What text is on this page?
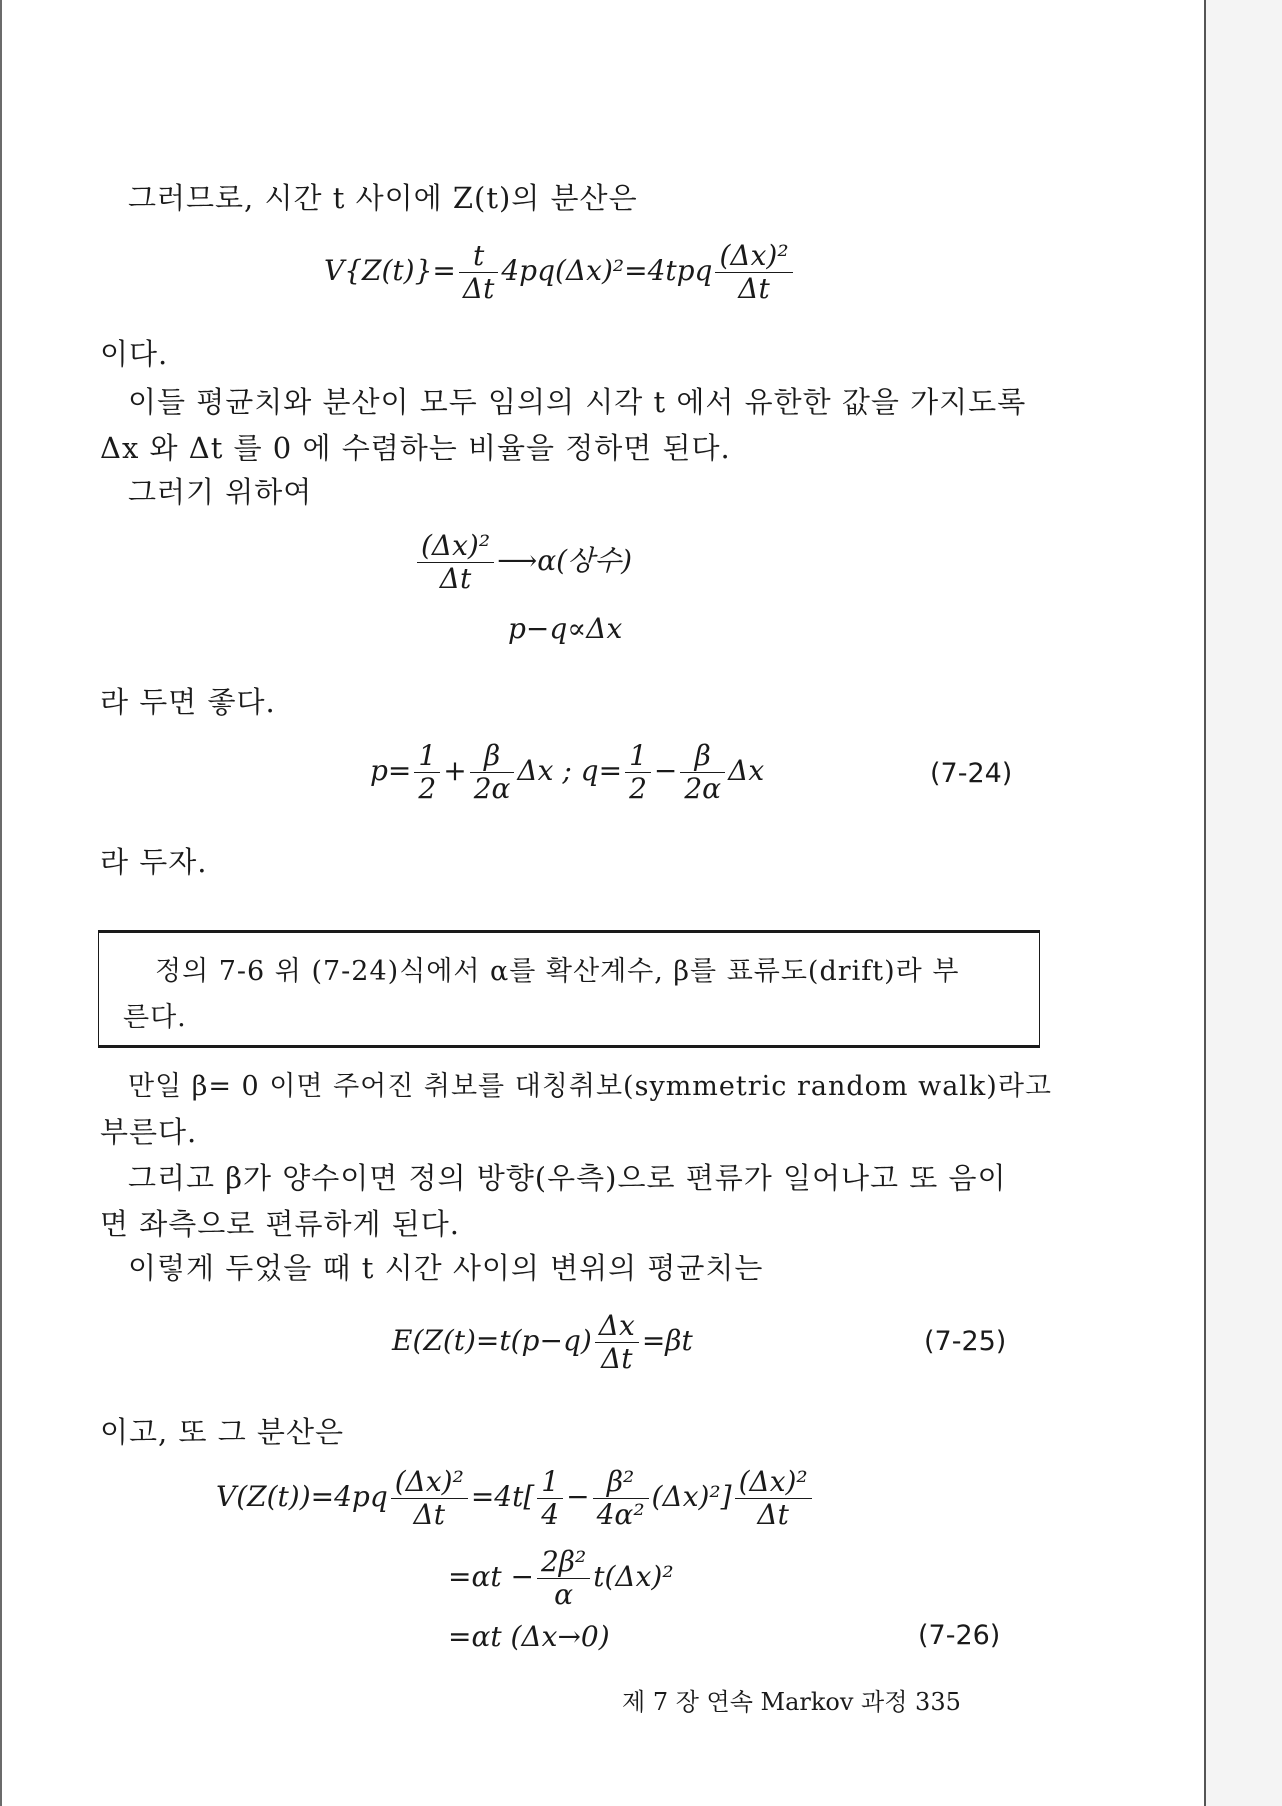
그러므로, 시간 t 사이에 Z(t)의 분산은
$V\{Z(t)\}= \frac{t}{\Delta t} 4pq(\Delta x)^2=4tpq \frac{\text{(Δx)²}}{\Delta t}$
이다.
이들 평균치와 분산이 모두 임의의 시각 t 에서 유한한 값을 가지도록
Δx 와 Δt 를 0 에 수렴하는 비율을 정하면 된다.
그러기 위하여
$\frac{\text{(Δx)²}}{\Delta t}$ ⟶α(상수)
p−q∝Δx
라 두면 좋다.
$p= \frac{1}{2} + \frac{\beta}{2\alpha}$ Δx ; $q= \frac{1}{2} - \frac{\beta}{2\alpha}$ Δx	(7-24)
라 두자.
정의 7-6 위 (7-24)식에서 α를 확산계수, β를 표류도(drift)라 부
른다.
만일 β= 0 이면 주어진 취보를 대칭취보(symmetric random walk)라고
부른다.
그리고 β가 양수이면 정의 방향(우측)으로 편류가 일어나고 또 음이
면 좌측으로 편류하게 된다.
이렇게 두었을 때 t 시간 사이의 변위의 평균치는
$E(Z(t)=t(p-q) \frac{\Delta x}{\Delta t} =\beta t$	(7-25)
이고, 또 그 분산은
$V(Z(t))=4pq \frac{\text{(Δx)²}}{\Delta t} =4t[ \frac{1}{4} - \frac{\text{β²}}{\text{4α²}} (\Delta x)^2] \frac{\text{(Δx)²}}{\Delta t}$
$=\alpha t - \frac{\text{2β²}}{\alpha} t(\Delta x)^2$
=αt (Δx→0)	(7-26)
제 7 장 연속 Markov 과정 335
